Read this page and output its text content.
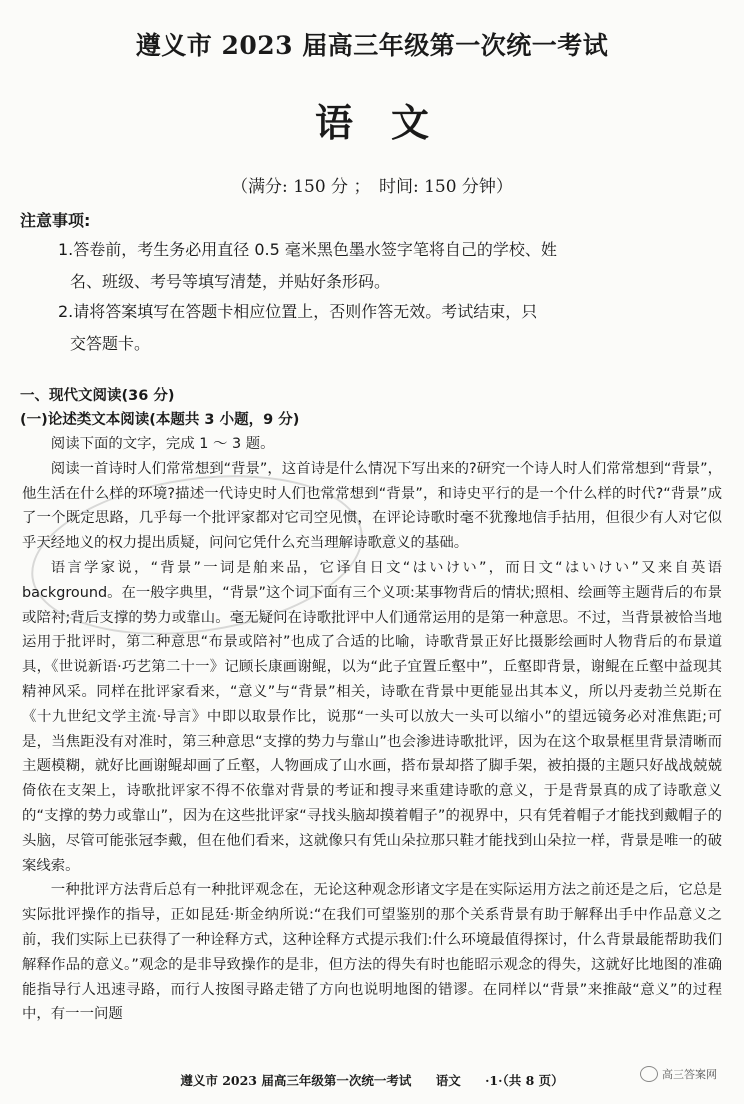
遵义市 2023 届高三年级第一次统一考试
语文
（满分: 150 分 ；　时间: 150 分钟）
注意事项:
1.答卷前，考生务必用直径 0.5 毫米黑色墨水签字笔将自己的学校、姓
名、班级、考号等填写清楚，并贴好条形码。
2.请将答案填写在答题卡相应位置上，否则作答无效。考试结束，只
交答题卡。
一、现代文阅读(36 分)
(一)论述类文本阅读(本题共 3 小题，9 分)

阅读下面的文字，完成 1 ～ 3 题。

阅读一首诗时人们常常想到“背景”，这首诗是什么情况下写出来的?研究一个诗人时人们常常想到“背景”，他生活在什么样的环境?描述一代诗史时人们也常常想到“背景”，和诗史平行的是一个什么样的时代?“背景”成了一个既定思路，几乎每一个批评家都对它司空见惯，在评论诗歌时毫不犹豫地信手拈用，但很少有人对它似乎天经地义的权力提出质疑，问问它凭什么充当理解诗歌意义的基础。

语言学家说，“背景”一词是舶来品，它译自日文“はいけい”，而日文“はいけい”又来自英语 background。在一般字典里，“背景”这个词下面有三个义项:某事物背后的情状;照相、绘画等主题背后的布景或陪衬;背后支撑的势力或靠山。毫无疑问在诗歌批评中人们通常运用的是第一种意思。不过，当背景被恰当地运用于批评时，第二种意思“布景或陪衬”也成了合适的比喻，诗歌背景正好比摄影绘画时人物背后的布景道具，《世说新语·巧艺第二十一》记顾长康画谢鲲，以为“此子宜置丘壑中”，丘壑即背景，谢鲲在丘壑中益现其精神风采。同样在批评家看来，“意义”与“背景”相关，诗歌在背景中更能显出其本义，所以丹麦勃兰兑斯在《十九世纪文学主流·导言》中即以取景作比，说那“一头可以放大一头可以缩小”的望远镜务必对准焦距;可是，当焦距没有对准时，第三种意思“支撑的势力与靠山”也会渗进诗歌批评，因为在这个取景框里背景清晰而主题模糊，就好比画谢鲲却画了丘壑，人物画成了山水画，搭布景却搭了脚手架，被拍摄的主题只好战战兢兢倚依在支架上，诗歌批评家不得不依靠对背景的考证和搜寻来重建诗歌的意义，于是背景真的成了诗歌意义的“支撑的势力或靠山”，因为在这些批评家“寻找头脑却摸着帽子”的视界中，只有凭着帽子才能找到戴帽子的头脑，尽管可能张冠李戴，但在他们看来，这就像只有凭山朵拉那只鞋才能找到山朵拉一样，背景是唯一的破案线索。

一种批评方法背后总有一种批评观念在，无论这种观念形诸文字是在实际运用方法之前还是之后，它总是实际批评操作的指导，正如昆廷·斯金纳所说:“在我们可望鉴别的那个关系背景有助于解释出手中作品意义之前，我们实际上已获得了一种诠释方式，这种诠释方式提示我们:什么环境最值得探讨，什么背景最能帮助我们解释作品的意义。”观念的是非导致操作的是非，但方法的得失有时也能昭示观念的得失，这就好比地图的准确能指导行人迅速寻路，而行人按图寻路走错了方向也说明地图的错谬。在同样以“背景”来推敲“意义”的过程中，有一一问题

遵义市 2023 届高三年级第一次统一考试 语文 ·1·（共 8 页）	高三答案网
